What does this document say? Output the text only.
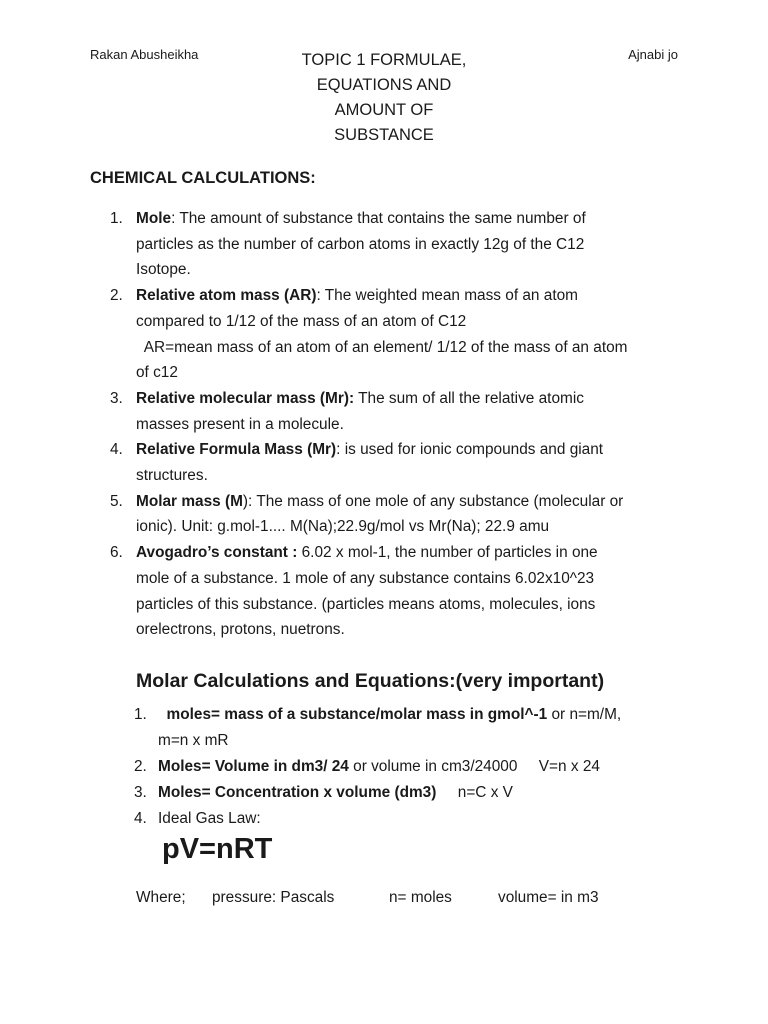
Rakan Abusheikha	Ajnabi jo
TOPIC 1 FORMULAE,
EQUATIONS AND
AMOUNT OF
SUBSTANCE
CHEMICAL CALCULATIONS:
1. Mole: The amount of substance that contains the same number of
particles as the number of carbon atoms in exactly 12g of the C12
Isotope.
2. Relative atom mass (AR): The weighted mean mass of an atom
compared to 1/12 of the mass of an atom of C12
AR=mean mass of an atom of an element/ 1/12 of the mass of an atom
of c12
3. Relative molecular mass (Mr): The sum of all the relative atomic
masses present in a molecule.
4. Relative Formula Mass (Mr): is used for ionic compounds and giant
structures.
5. Molar mass (M): The mass of one mole of any substance (molecular or
ionic). Unit: g.mol-1.... M(Na);22.9g/mol vs Mr(Na); 22.9 amu
6. Avogadro’s constant : 6.02 x mol-1, the number of particles in one
mole of a substance. 1 mole of any substance contains 6.02x10^23
particles of this substance. (particles means atoms, molecules, ions
orelectrons, protons, nuetrons.
Molar Calculations and Equations:(very important)
1. moles= mass of a substance/molar mass in gmol^-1 or n=m/M,
m=n x mR
2. Moles= Volume in dm3/ 24 or volume in cm3/24000     V=n x 24
3. Moles= Concentration x volume (dm3)     n=C x V
4. Ideal Gas Law:
pV=nRT
Where; pressure: Pascals	n= moles	volume= in m3
